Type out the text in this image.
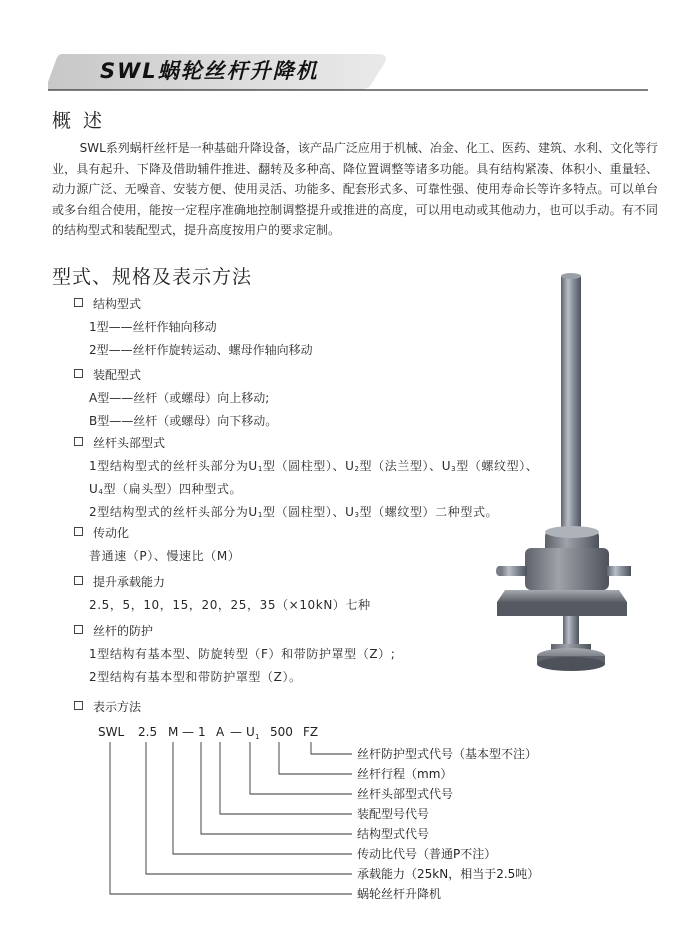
SWL蜗轮丝杆升降机
概 述
SWL系列蜗杆丝杆是一种基础升降设备，该产品广泛应用于机械、冶金、化工、医药、建筑、水利、文化等行业，具有起升、下降及借助辅件推进、翻转及多种高、降位置调整等诸多功能。具有结构紧凑、体积小、重量轻、动力源广泛、无噪音、安装方便、使用灵活、功能多、配套形式多、可靠性强、使用寿命长等许多特点。可以单台或多台组合使用，能按一定程序准确地控制调整提升或推进的高度，可以用电动或其他动力，也可以手动。有不同的结构型式和装配型式，提升高度按用户的要求定制。
型式、规格及表示方法
结构型式
1型——丝杆作轴向移动
2型——丝杆作旋转运动、螺母作轴向移动
装配型式
A型——丝杆（或螺母）向上移动;
B型——丝杆（或螺母）向下移动。
丝杆头部型式
1型结构型式的丝杆头部分为$U_1$型（圆柱型）、$U_2$型（法兰型）、$U_3$型（螺纹型）、
$U_4$型（扁头型）四种型式。
2型结构型式的丝杆头部分为$U_1$型（圆柱型）、$U_3$型（螺纹型）二种型式。
传动化
普通速（P）、慢速比（M）
提升承载能力
2.5，5，10，15，20，25，35（×10kN）七种
丝杆的防护
1型结构有基本型、防旋转型（F）和带防护罩型（Z）;
2型结构有基本型和带防护罩型（Z）。
表示方法
SWL 2.5 M — 1 A — U 1 500 FZ
丝杆防护型式代号（基本型不注）
丝杆行程（mm）
丝杆头部型式代号
装配型号代号
结构型式代号
传动比代号（普通P不注）
承载能力（25kN，相当于2.5吨）
蜗轮丝杆升降机
